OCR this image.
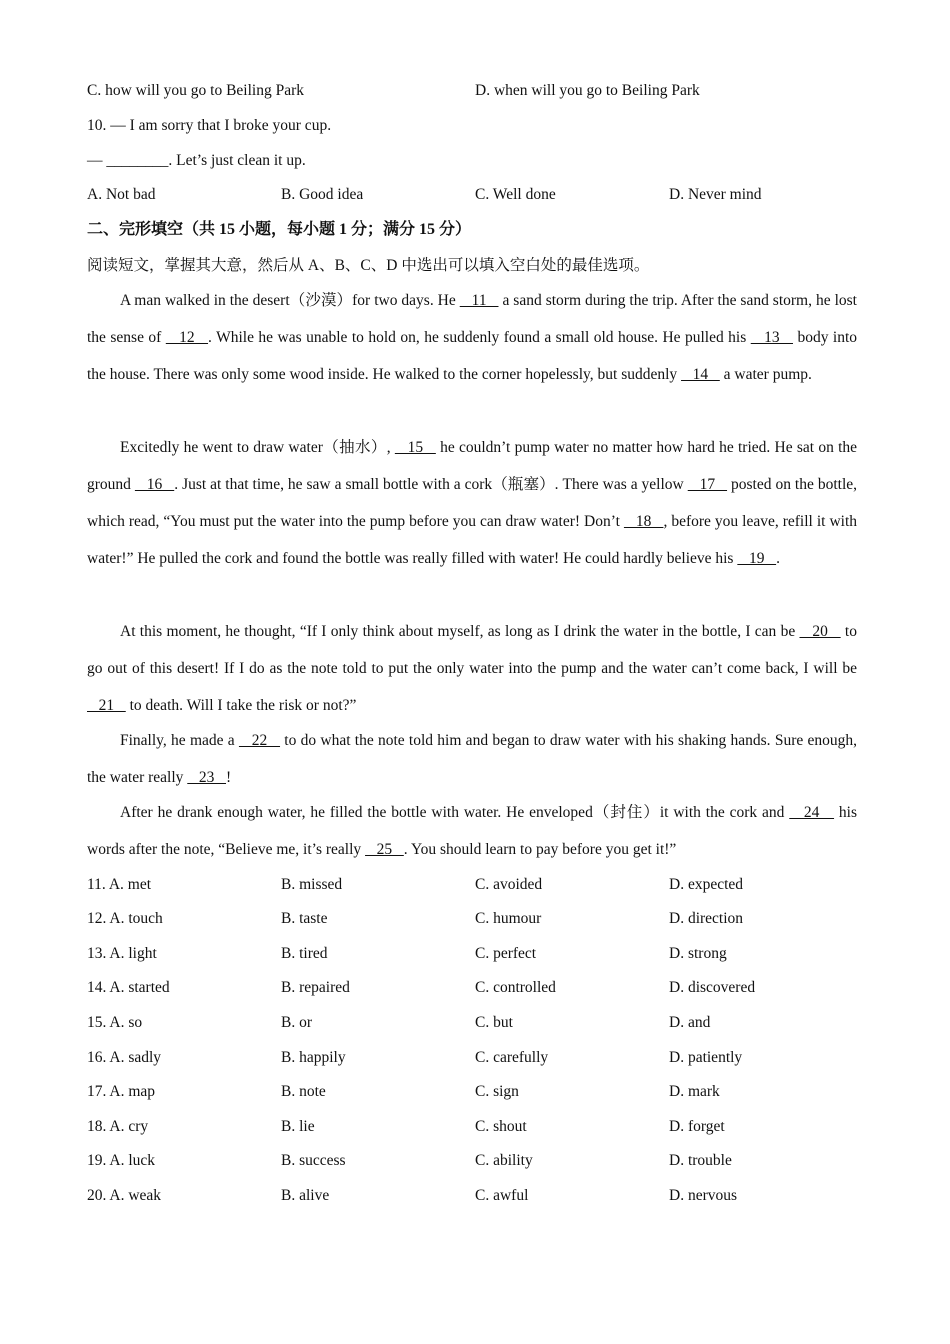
C. how will you go to Beiling Park	D. when will you go to Beiling Park
10. — I am sorry that I broke your cup.
— ________. Let’s just clean it up.
A. Not bad	B. Good idea	C. Well done	D. Never mind
二、完形填空（共 15 小题，每小题 1 分；满分 15 分）
阅读短文，掌握其大意，然后从 A、B、C、D 中选出可以填入空白处的最佳选项。

A man walked in the desert（沙漠）for two days. He    11    a sand storm during the trip. After the sand storm, he lost the sense of    12   . While he was unable to hold on, he suddenly found a small old house. He pulled his    13    body into the house. There was only some wood inside. He walked to the corner hopelessly, but suddenly    14    a water pump.

Excitedly he went to draw water（抽水）,    15    he couldn’t pump water no matter how hard he tried. He sat on the ground    16   . Just at that time, he saw a small bottle with a cork（瓶塞）. There was a yellow    17    posted on the bottle, which read, “You must put the water into the pump before you can draw water! Don’t    18   , before you leave, refill it with water!” He pulled the cork and found the bottle was really filled with water! He could hardly believe his    19   .

At this moment, he thought, “If I only think about myself, as long as I drink the water in the bottle, I can be    20    to go out of this desert! If I do as the note told to put the only water into the pump and the water can’t come back, I will be    21    to death. Will I take the risk or not?”

Finally, he made a    22    to do what the note told him and began to draw water with his shaking hands. Sure enough, the water really    23   !

After he drank enough water, he filled the bottle with water. He enveloped（封住）it with the cork and    24    his words after the note, “Believe me, it’s really    25   . You should learn to pay before you get it!”

11. A. met	B. missed	C. avoided	D. expected
12. A. touch	B. taste	C. humour	D. direction
13. A. light	B. tired	C. perfect	D. strong
14. A. started	B. repaired	C. controlled	D. discovered
15. A. so	B. or	C. but	D. and
16. A. sadly	B. happily	C. carefully	D. patiently
17. A. map	B. note	C. sign	D. mark
18. A. cry	B. lie	C. shout	D. forget
19. A. luck	B. success	C. ability	D. trouble
20. A. weak	B. alive	C. awful	D. nervous
